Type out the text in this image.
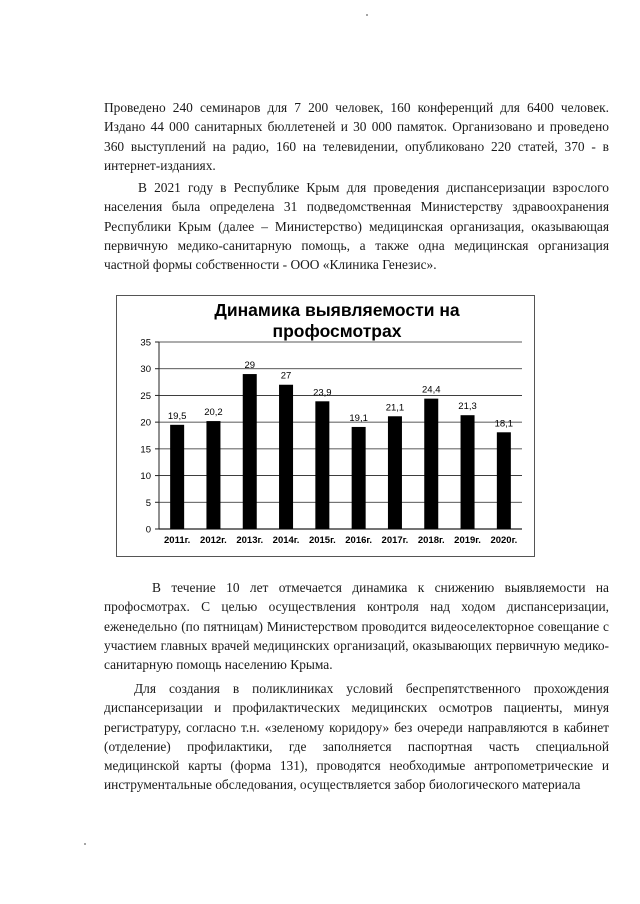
Проведено 240 семинаров для 7 200 человек, 160 конференций для 6400 человек. Издано 44 000 санитарных бюллетеней и 30 000 памяток. Организовано и проведено 360 выступлений на радио, 160 на телевидении, опубликовано 220 статей, 370 - в интернет-изданиях.

В 2021 году в Республике Крым для проведения диспансеризации взрослого населения была определена 31 подведомственная Министерству здравоохранения Республики Крым (далее – Министерство) медицинская организация, оказывающая первичную медико-санитарную помощь, а также одна медицинская организация частной формы собственности - ООО «Клиника Генезис».

Динамика выявляемости на
профосмотрах
0
5
10
15
20
25
30
35
19,5
2011г.
20,2
2012г.
29
2013г.
27
2014г.
23,9
2015г.
19,1
2016г.
21,1
2017г.
24,4
2018г.
21,3
2019г.
18,1
2020г.

В течение 10 лет отмечается динамика к снижению выявляемости на профосмотрах. С целью осуществления контроля над ходом диспансеризации, еженедельно (по пятницам) Министерством проводится видеоселекторное совещание с участием главных врачей медицинских организаций, оказывающих первичную медико-санитарную помощь населению Крыма.

Для создания в поликлиниках условий беспрепятственного прохождения диспансеризации и профилактических медицинских осмотров пациенты, минуя регистратуру, согласно т.н. «зеленому коридору» без очереди направляются в кабинет (отделение) профилактики, где заполняется паспортная часть специальной медицинской карты (форма 131), проводятся необходимые антропометрические и инструментальные обследования, осуществляется забор биологического материала
